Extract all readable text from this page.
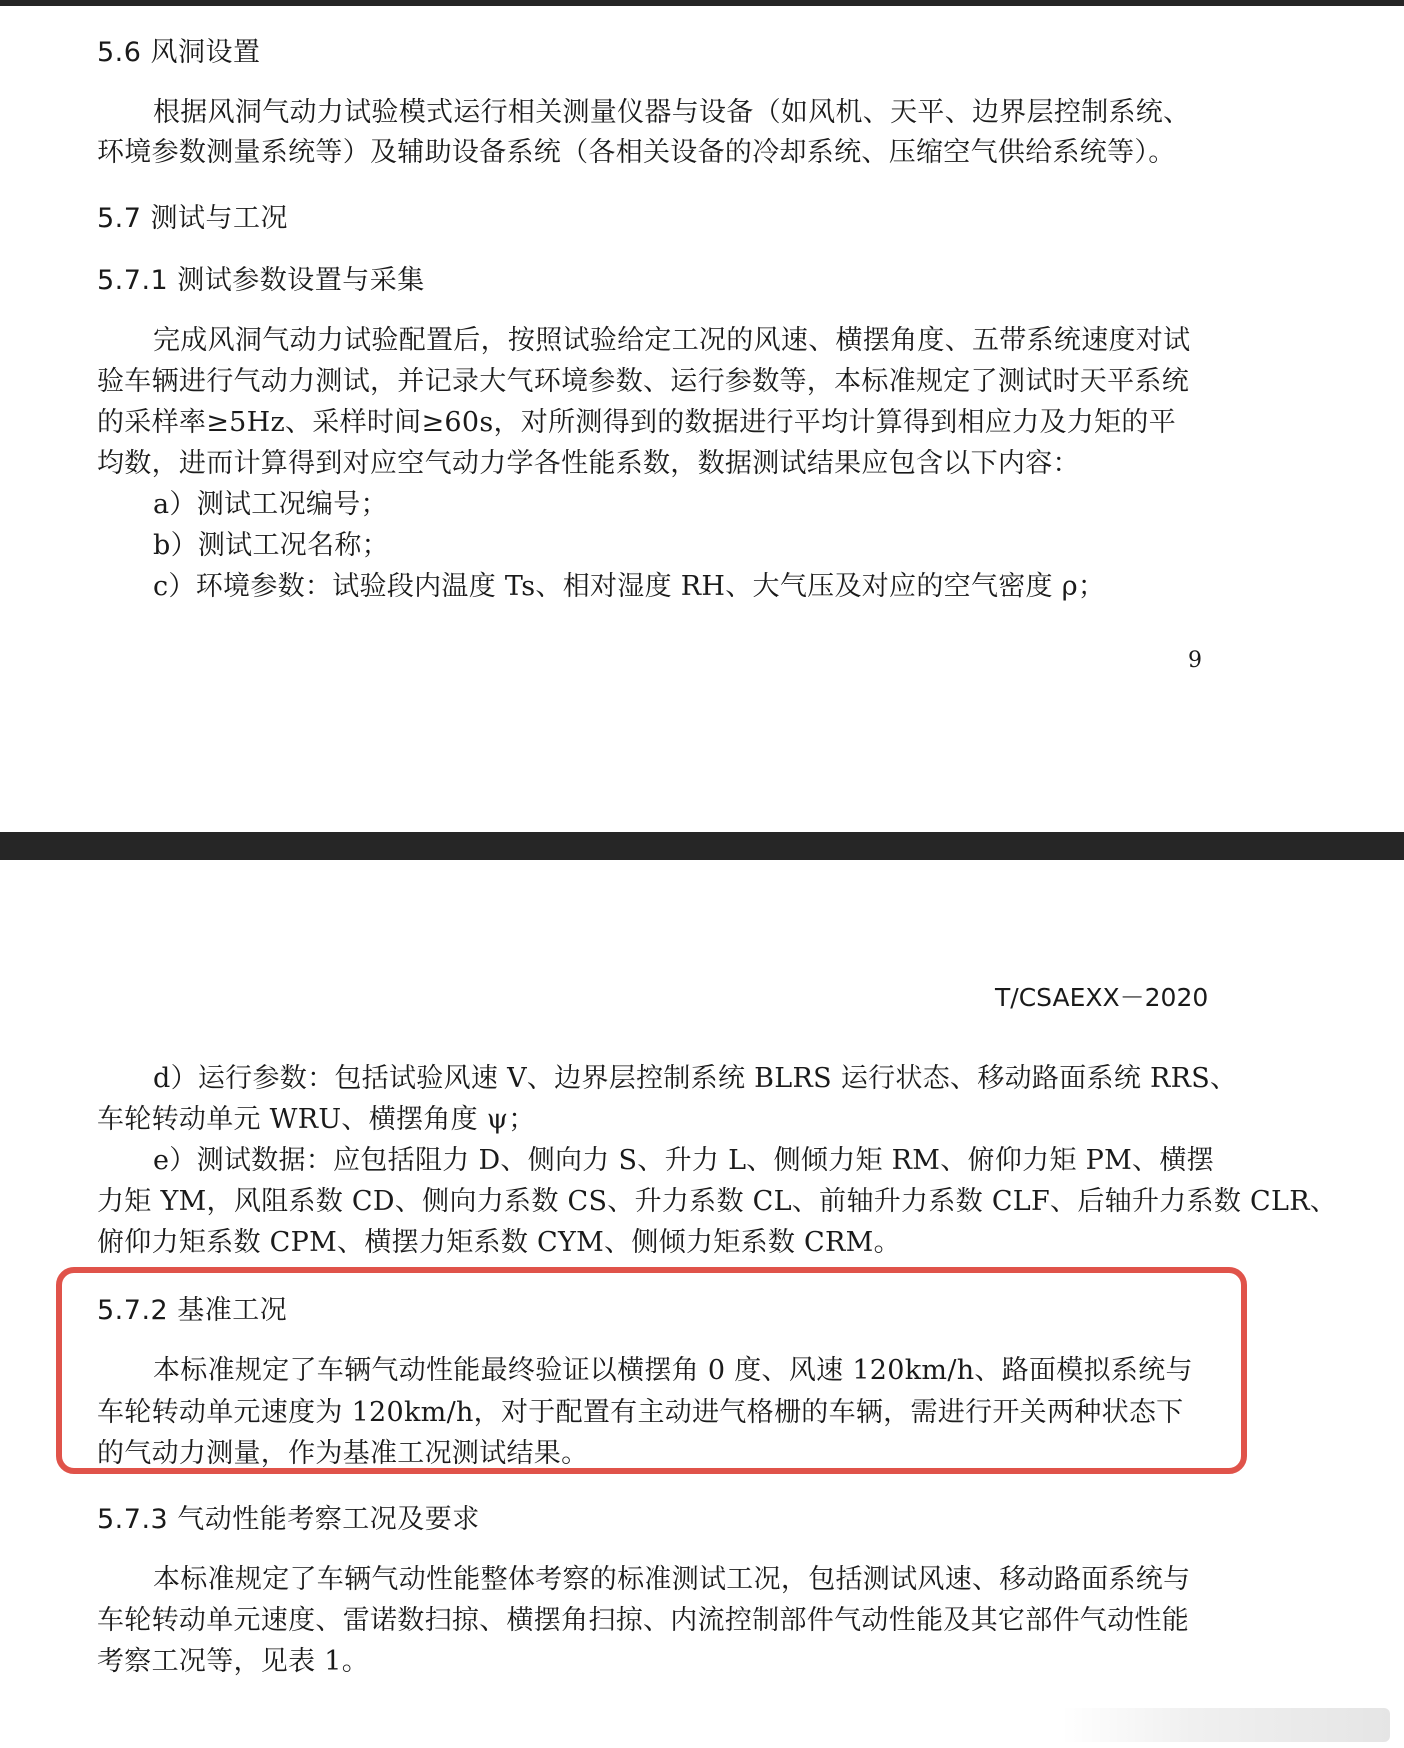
5.6 风洞设置
根据风洞气动力试验模式运行相关测量仪器与设备（如风机、天平、边界层控制系统、
环境参数测量系统等）及辅助设备系统（各相关设备的冷却系统、压缩空气供给系统等）。
5.7 测试与工况
5.7.1 测试参数设置与采集
完成风洞气动力试验配置后，按照试验给定工况的风速、横摆角度、五带系统速度对试
验车辆进行气动力测试，并记录大气环境参数、运行参数等，本标准规定了测试时天平系统
的采样率≥5Hz、采样时间≥60s，对所测得到的数据进行平均计算得到相应力及力矩的平
均数，进而计算得到对应空气动力学各性能系数，数据测试结果应包含以下内容：
a）测试工况编号；
b）测试工况名称；
c）环境参数：试验段内温度 Ts、相对湿度 RH、大气压及对应的空气密度 ρ；
9
T/CSAEXX－2020
d）运行参数：包括试验风速 V、边界层控制系统 BLRS 运行状态、移动路面系统 RRS、
车轮转动单元 WRU、横摆角度 ψ；
e）测试数据：应包括阻力 D、侧向力 S、升力 L、侧倾力矩 RM、俯仰力矩 PM、横摆
力矩 YM，风阻系数 CD、侧向力系数 CS、升力系数 CL、前轴升力系数 CLF、后轴升力系数 CLR、
俯仰力矩系数 CPM、横摆力矩系数 CYM、侧倾力矩系数 CRM。
5.7.2 基准工况
本标准规定了车辆气动性能最终验证以横摆角 0 度、风速 120km/h、路面模拟系统与
车轮转动单元速度为 120km/h，对于配置有主动进气格栅的车辆，需进行开关两种状态下
的气动力测量，作为基准工况测试结果。
5.7.3 气动性能考察工况及要求
本标准规定了车辆气动性能整体考察的标准测试工况，包括测试风速、移动路面系统与
车轮转动单元速度、雷诺数扫掠、横摆角扫掠、内流控制部件气动性能及其它部件气动性能
考察工况等，见表 1。
